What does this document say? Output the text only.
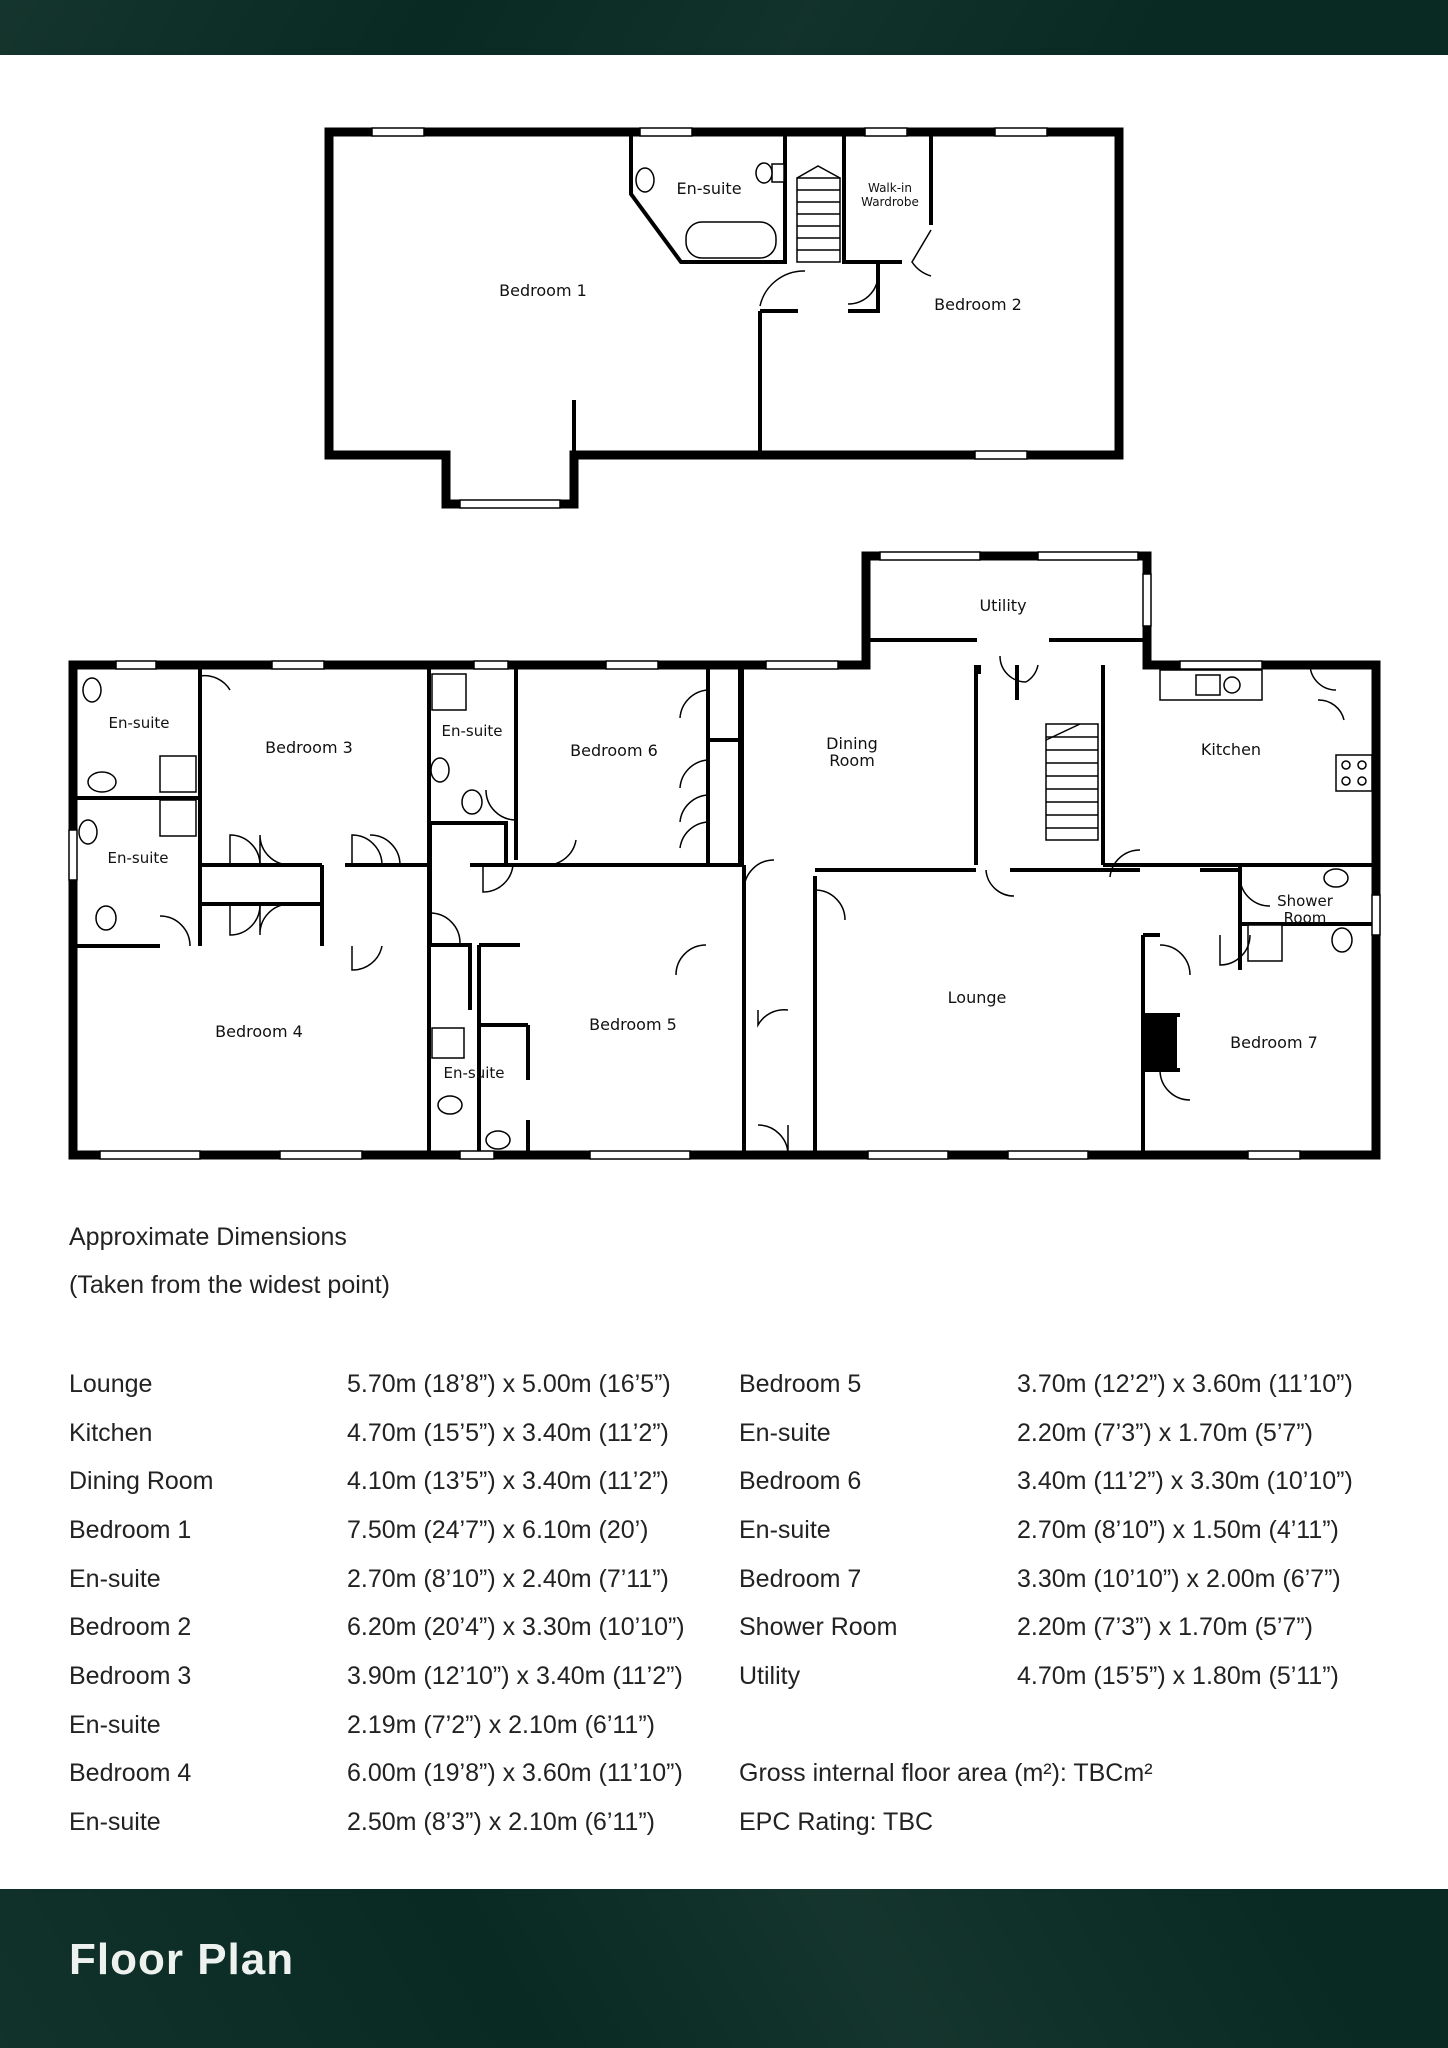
En-suite	Walk-in
Wardrobe
Bedroom 1
Bedroom 2
Utility
En-suite
Bedroom 3
En-suite
Bedroom 6	Dining
Room
Kitchen
En-suite
Shower
Room
Lounge
Bedroom 4	Bedroom 5
En-suite
Bedroom 7
Approximate Dimensions
(Taken from the widest point)
Lounge	5.70m (18’8”) x 5.00m (16’5”)
Kitchen	4.70m (15’5”) x 3.40m (11’2”)
Dining Room	4.10m (13’5”) x 3.40m (11’2”)
Bedroom 1	7.50m (24’7”) x 6.10m (20’)
En-suite	2.70m (8’10”) x 2.40m (7’11”)
Bedroom 2	6.20m (20’4”) x 3.30m (10’10”)
Bedroom 3	3.90m (12’10”) x 3.40m (11’2”)
En-suite	2.19m (7’2”) x 2.10m (6’11”)
Bedroom 4	6.00m (19’8”) x 3.60m (11’10”)
En-suite	2.50m (8’3”) x 2.10m (6’11”)
Bedroom 5	3.70m (12’2”) x 3.60m (11’10”)
En-suite	2.20m (7’3”) x 1.70m (5’7”)
Bedroom 6	3.40m (11’2”) x 3.30m (10’10”)
En-suite	2.70m (8’10”) x 1.50m (4’11”)
Bedroom 7	3.30m (10’10”) x 2.00m (6’7”)
Shower Room	2.20m (7’3”) x 1.70m (5’7”)
Utility	4.70m (15’5”) x 1.80m (5’11”)
Gross internal floor area (m²): TBCm²
EPC Rating: TBC
Floor Plan
